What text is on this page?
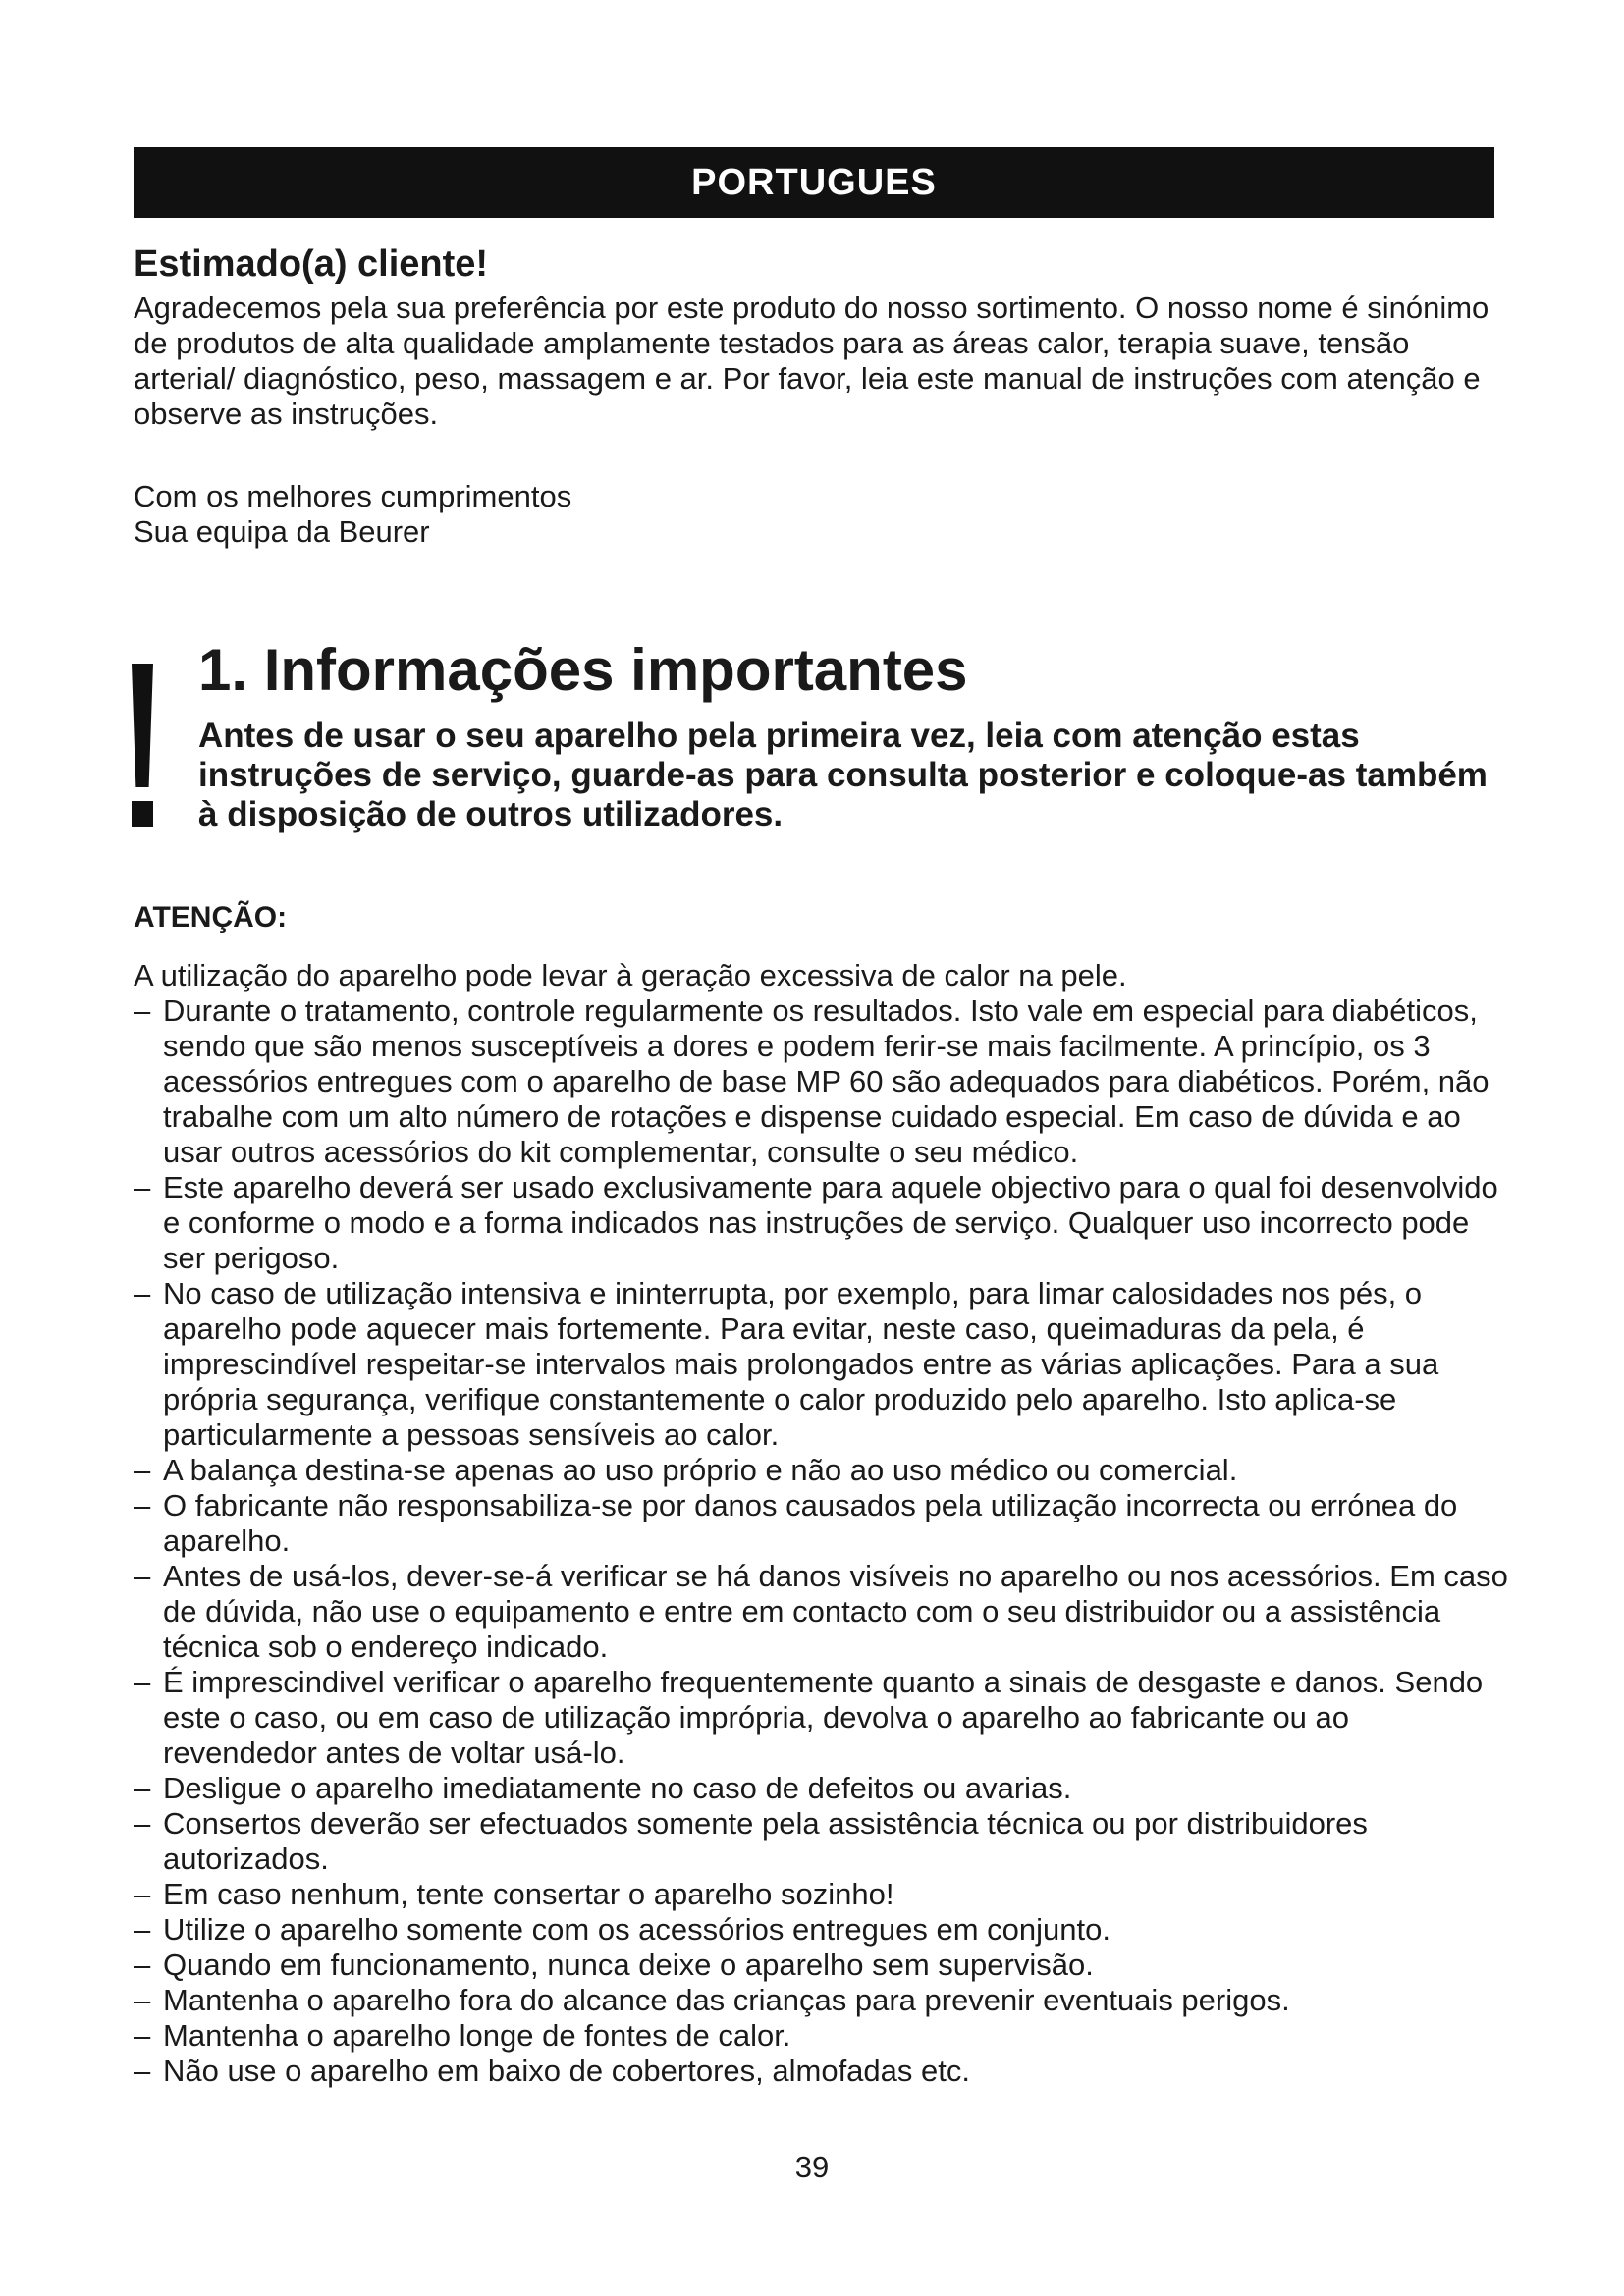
PORTUGUES
Estimado(a) cliente!

Agradecemos pela sua preferência por este produto do nosso sortimento. O nosso nome é sinónimo de produtos de alta qualidade amplamente testados para as áreas calor, terapia suave, tensão arterial/ diagnóstico, peso, massagem e ar. Por favor, leia este manual de instruções com atenção e observe as instruções.

Com os melhores cumprimentos
Sua equipa da Beurer
1. Informações importantes

Antes de usar o seu aparelho pela primeira vez, leia com atenção estas instruções de serviço, guarde-as para consulta posterior e coloque-as também à disposição de outros utilizadores.

ATENÇÃO:

A utilização do aparelho pode levar à geração excessiva de calor na pele.

– Durante o tratamento, controle regularmente os resultados. Isto vale em especial para diabéticos, sendo que são menos susceptíveis a dores e podem ferir-se mais facilmente. A princípio, os 3 acessórios entregues com o aparelho de base MP 60 são adequados para diabéticos. Porém, não trabalhe com um alto número de rotações e dispense cuidado especial. Em caso de dúvida e ao usar outros acessórios do kit complementar, consulte o seu médico.
– Este aparelho deverá ser usado exclusivamente para aquele objectivo para o qual foi desenvolvido e conforme o modo e a forma indicados nas instruções de serviço. Qualquer uso incorrecto pode ser perigoso.
– No caso de utilização intensiva e ininterrupta, por exemplo, para limar calosidades nos pés, o aparelho pode aquecer mais fortemente. Para evitar, neste caso, queimaduras da pela, é imprescindível respeitar-se intervalos mais prolongados entre as várias aplicações. Para a sua própria segurança, verifique constantemente o calor produzido pelo aparelho. Isto aplica-se particularmente a pessoas sensíveis ao calor.
– A balança destina-se apenas ao uso próprio e não ao uso médico ou comercial.
– O fabricante não responsabiliza-se por danos causados pela utilização incorrecta ou errónea do aparelho.
– Antes de usá-los, dever-se-á verificar se há danos visíveis no aparelho ou nos acessórios. Em caso de dúvida, não use o equipamento e entre em contacto com o seu distribuidor ou a assistência técnica sob o endereço indicado.
– É imprescindivel verificar o aparelho frequentemente quanto a sinais de desgaste e danos. Sendo este o caso, ou em caso de utilização imprópria, devolva o aparelho ao fabricante ou ao revendedor antes de voltar usá-lo.
– Desligue o aparelho imediatamente no caso de defeitos ou avarias.
– Consertos deverão ser efectuados somente pela assistência técnica ou por distribuidores autorizados.
– Em caso nenhum, tente consertar o aparelho sozinho!
– Utilize o aparelho somente com os acessórios entregues em conjunto.
– Quando em funcionamento, nunca deixe o aparelho sem supervisão.
– Mantenha o aparelho fora do alcance das crianças para prevenir eventuais perigos.
– Mantenha o aparelho longe de fontes de calor.
– Não use o aparelho em baixo de cobertores, almofadas etc.
39
